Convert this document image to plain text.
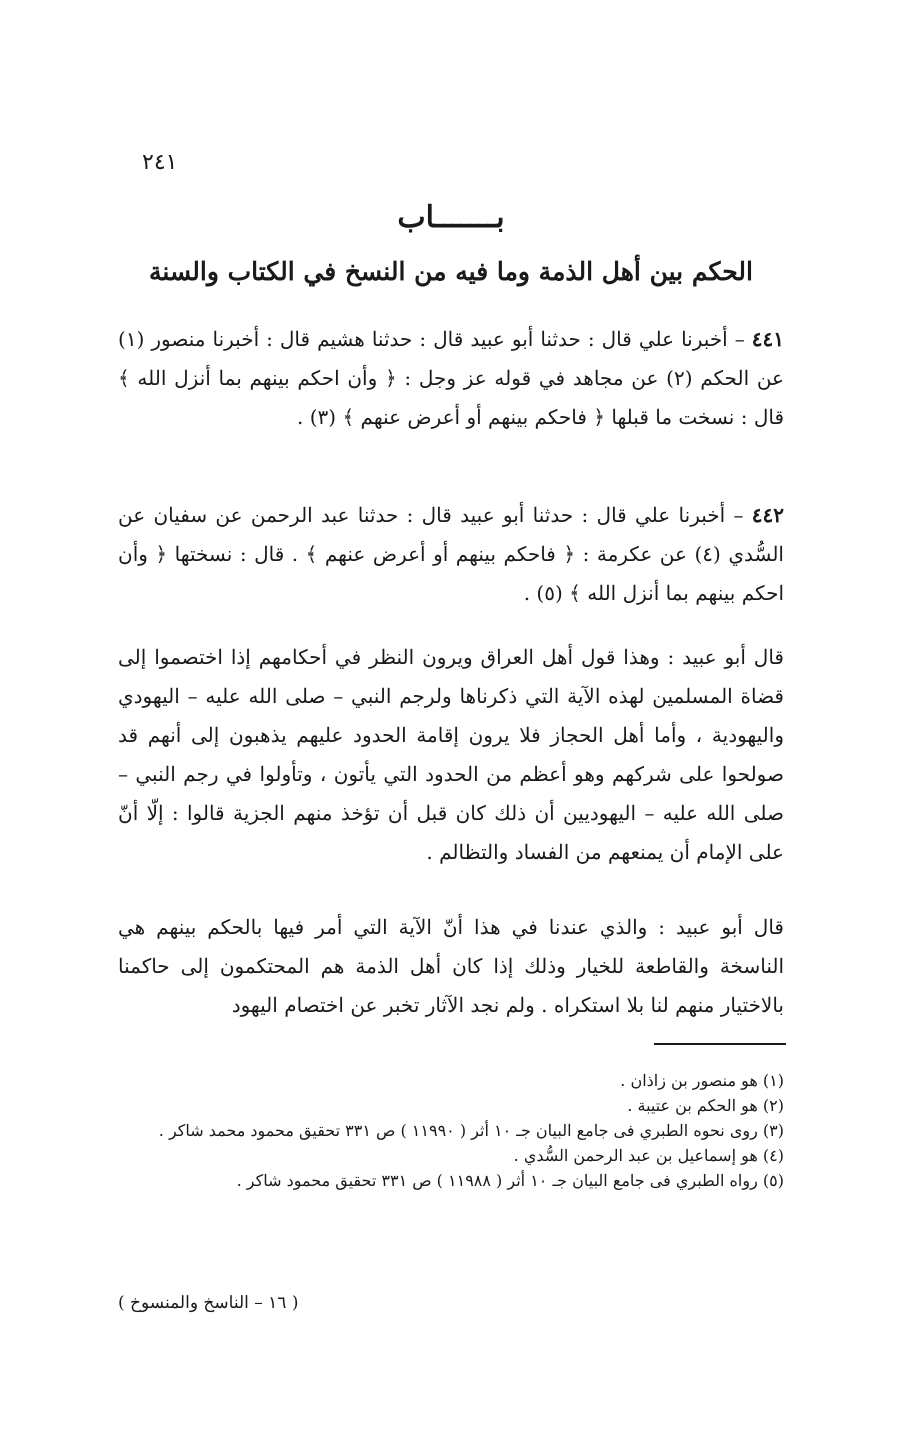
٢٤١
بـــــــاب
الحكم بين أهل الذمة وما فيه من النسخ في الكتاب والسنة

٤٤١ – أخبرنا علي قال : حدثنا أبو عبيد قال : حدثنا هشيم قال : أخبرنا منصور (١) عن الحكم (٢) عن مجاهد في قوله عز وجل : ﴿ وأن احكم بينهم بما أنزل الله ﴾ قال : نسخت ما قبلها ﴿ فاحكم بينهم أو أعرض عنهم ﴾ (٣) .

٤٤٢ – أخبرنا علي قال : حدثنا أبو عبيد قال : حدثنا عبد الرحمن عن سفيان عن السُّدي (٤) عن عكرمة : ﴿ فاحكم بينهم أو أعرض عنهم ﴾ . قال : نسختها ﴿ وأن احكم بينهم بما أنزل الله ﴾ (٥) .

قال أبو عبيد : وهذا قول أهل العراق ويرون النظر في أحكامهم إذا اختصموا إلى قضاة المسلمين لهذه الآية التي ذكرناها ولرجم النبي – صلى الله عليه – اليهودي واليهودية ، وأما أهل الحجاز فلا يرون إقامة الحدود عليهم يذهبون إلى أنهم قد صولحوا على شركهم وهو أعظم من الحدود التي يأتون ، وتأولوا في رجم النبي – صلى الله عليه – اليهوديين أن ذلك كان قبل أن تؤخذ منهم الجزية قالوا : إلّا أنّ على الإمام أن يمنعهم من الفساد والتظالم .

قال أبو عبيد : والذي عندنا في هذا أنّ الآية التي أمر فيها بالحكم بينهم هي الناسخة والقاطعة للخيار وذلك إذا كان أهل الذمة هم المحتكمون إلى حاكمنا بالاختيار منهم لنا بلا استكراه . ولم نجد الآثار تخبر عن اختصام اليهود

(١) هو منصور بن زاذان .
(٢) هو الحكم بن عتيبة .
(٣) روى نحوه الطبري فى جامع البيان جـ ١٠ أثر ( ١١٩٩٠ ) ص ٣٣١ تحقيق محمود محمد شاكر .
(٤) هو إسماعيل بن عبد الرحمن السُّدي .
(٥) رواه الطبري فى جامع البيان جـ ١٠ أثر ( ١١٩٨٨ ) ص ٣٣١ تحقيق محمود شاكر .
( ١٦ – الناسخ والمنسوخ )
